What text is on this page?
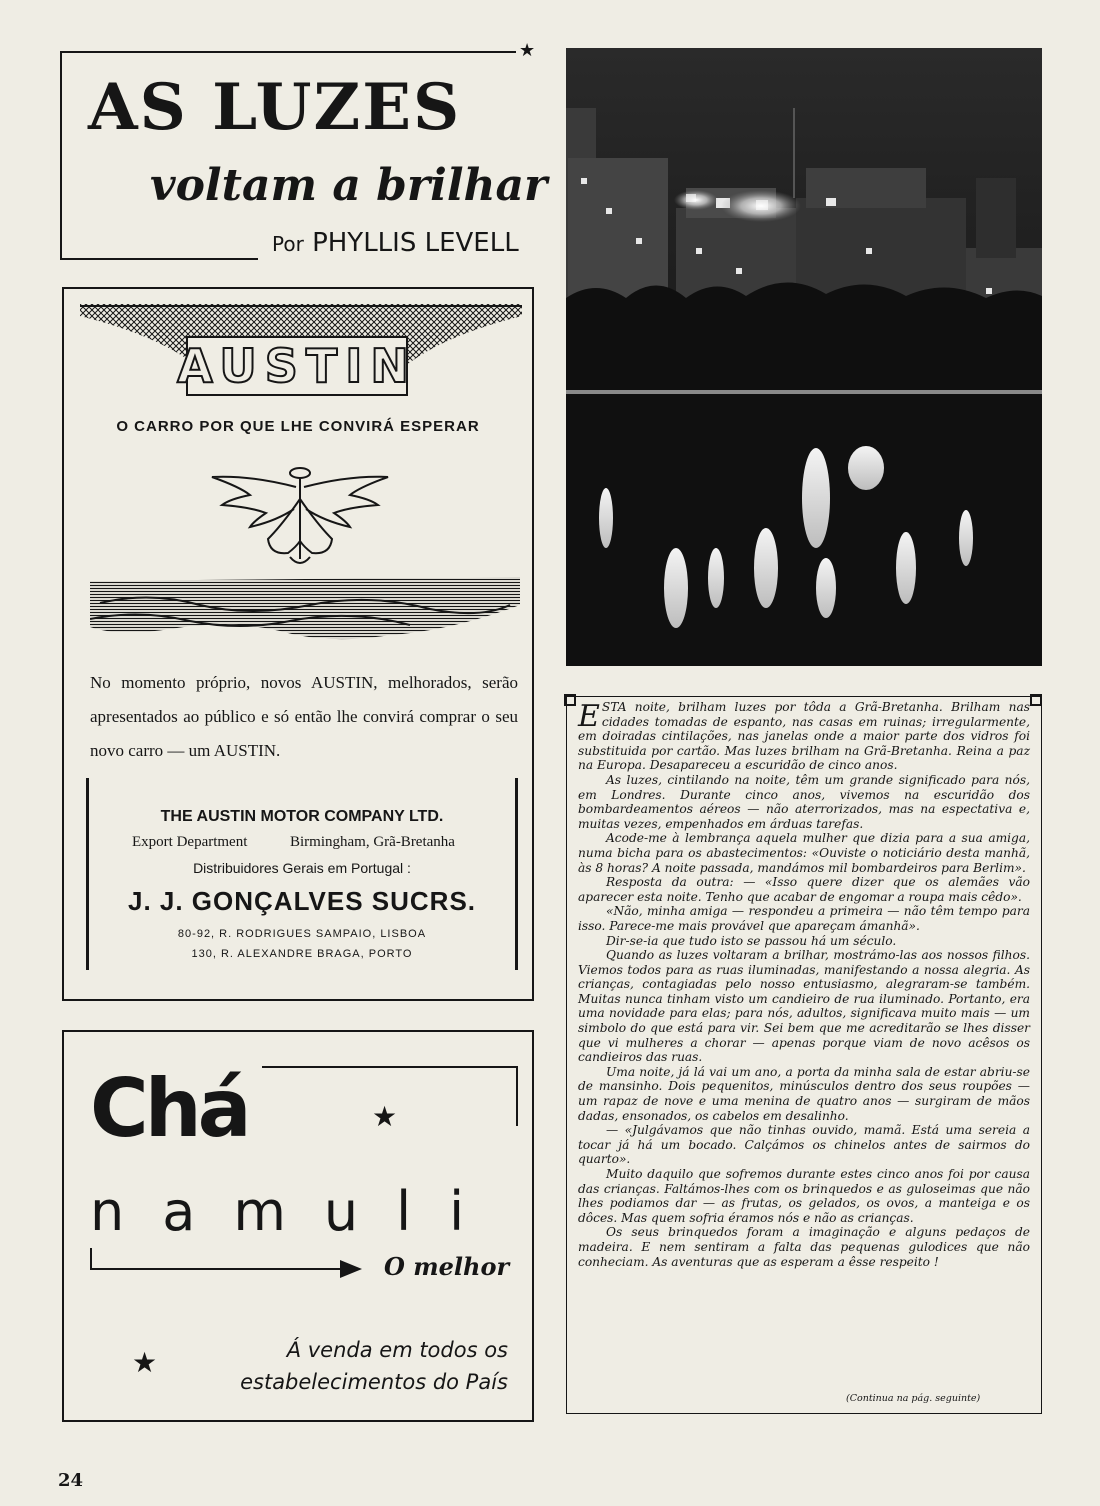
★
AS LUZES
voltam a brilhar
Por PHYLLIS LEVELL
AUSTIN
O CARRO POR QUE LHE CONVIRÁ ESPERAR
No momento próprio, novos AUSTIN, melhorados, serão apresentados ao público e só então lhe convirá comprar o seu novo carro — um AUSTIN.
THE AUSTIN MOTOR COMPANY LTD.
Export Department	Birmingham, Grã-Bretanha
Distribuidores Gerais em Portugal :
J. J. GONÇALVES SUCRS.
80-92, R. RODRIGUES SAMPAIO, LISBOA
130, R. ALEXANDRE BRAGA, PORTO
Chá	★
namuli
O melhor
★	Á venda em todos os
estabelecimentos do País

ESTA noite, brilham luzes por tôda a Grã-Bretanha. Brilham nas cidades tomadas de espanto, nas casas em ruinas; irregularmente, em doiradas cintilações, nas janelas onde a maior parte dos vidros foi substituida por cartão. Mas luzes brilham na Grã-Bretanha. Reina a paz na Europa. Desapareceu a escuridão de cinco anos.

As luzes, cintilando na noite, têm um grande significado para nós, em Londres. Durante cinco anos, vivemos na escuridão dos bombardeamentos aéreos — não aterrorizados, mas na espectativa e, muitas vezes, empenhados em árduas tarefas.

Acode-me à lembrança aquela mulher que dizia para a sua amiga, numa bicha para os abastecimentos: «Ouviste o noticiário desta manhã, às 8 horas? A noite passada, mandámos mil bombardeiros para Berlim».

Resposta da outra: — «Isso quere dizer que os alemães vão aparecer esta noite. Tenho que acabar de engomar a roupa mais cêdo».

«Não, minha amiga — respondeu a primeira — não têm tempo para isso. Parece-me mais provável que apareçam ámanhã».

Dir-se-ia que tudo isto se passou há um século.

Quando as luzes voltaram a brilhar, mostrámo-las aos nossos filhos. Viemos todos para as ruas iluminadas, manifestando a nossa alegria. As crianças, contagiadas pelo nosso entusiasmo, alegraram-se também. Muitas nunca tinham visto um candieiro de rua iluminado. Portanto, era uma novidade para elas; para nós, adultos, significava muito mais — um simbolo do que está para vir. Sei bem que me acreditarão se lhes disser que vi mulheres a chorar — apenas porque viam de novo acêsos os candieiros das ruas.

Uma noite, já lá vai um ano, a porta da minha sala de estar abriu-se de mansinho. Dois pequenitos, minúsculos dentro dos seus roupões — um rapaz de nove e uma menina de quatro anos — surgiram de mãos dadas, ensonados, os cabelos em desalinho.

— «Julgávamos que não tinhas ouvido, mamã. Está uma sereia a tocar já há um bocado. Calçámos os chinelos antes de sairmos do quarto».

Muito daquilo que sofremos durante estes cinco anos foi por causa das crianças. Faltámos-lhes com os brinquedos e as guloseimas que não lhes podiamos dar — as frutas, os gelados, os ovos, a manteiga e os dôces. Mas quem sofria éramos nós e não as crianças.

Os seus brinquedos foram a imaginação e alguns pedaços de madeira. E nem sentiram a falta das pequenas gulodices que não conheciam. As aventuras que as esperam a êsse respeito !

(Continua na pág. seguinte)
24
